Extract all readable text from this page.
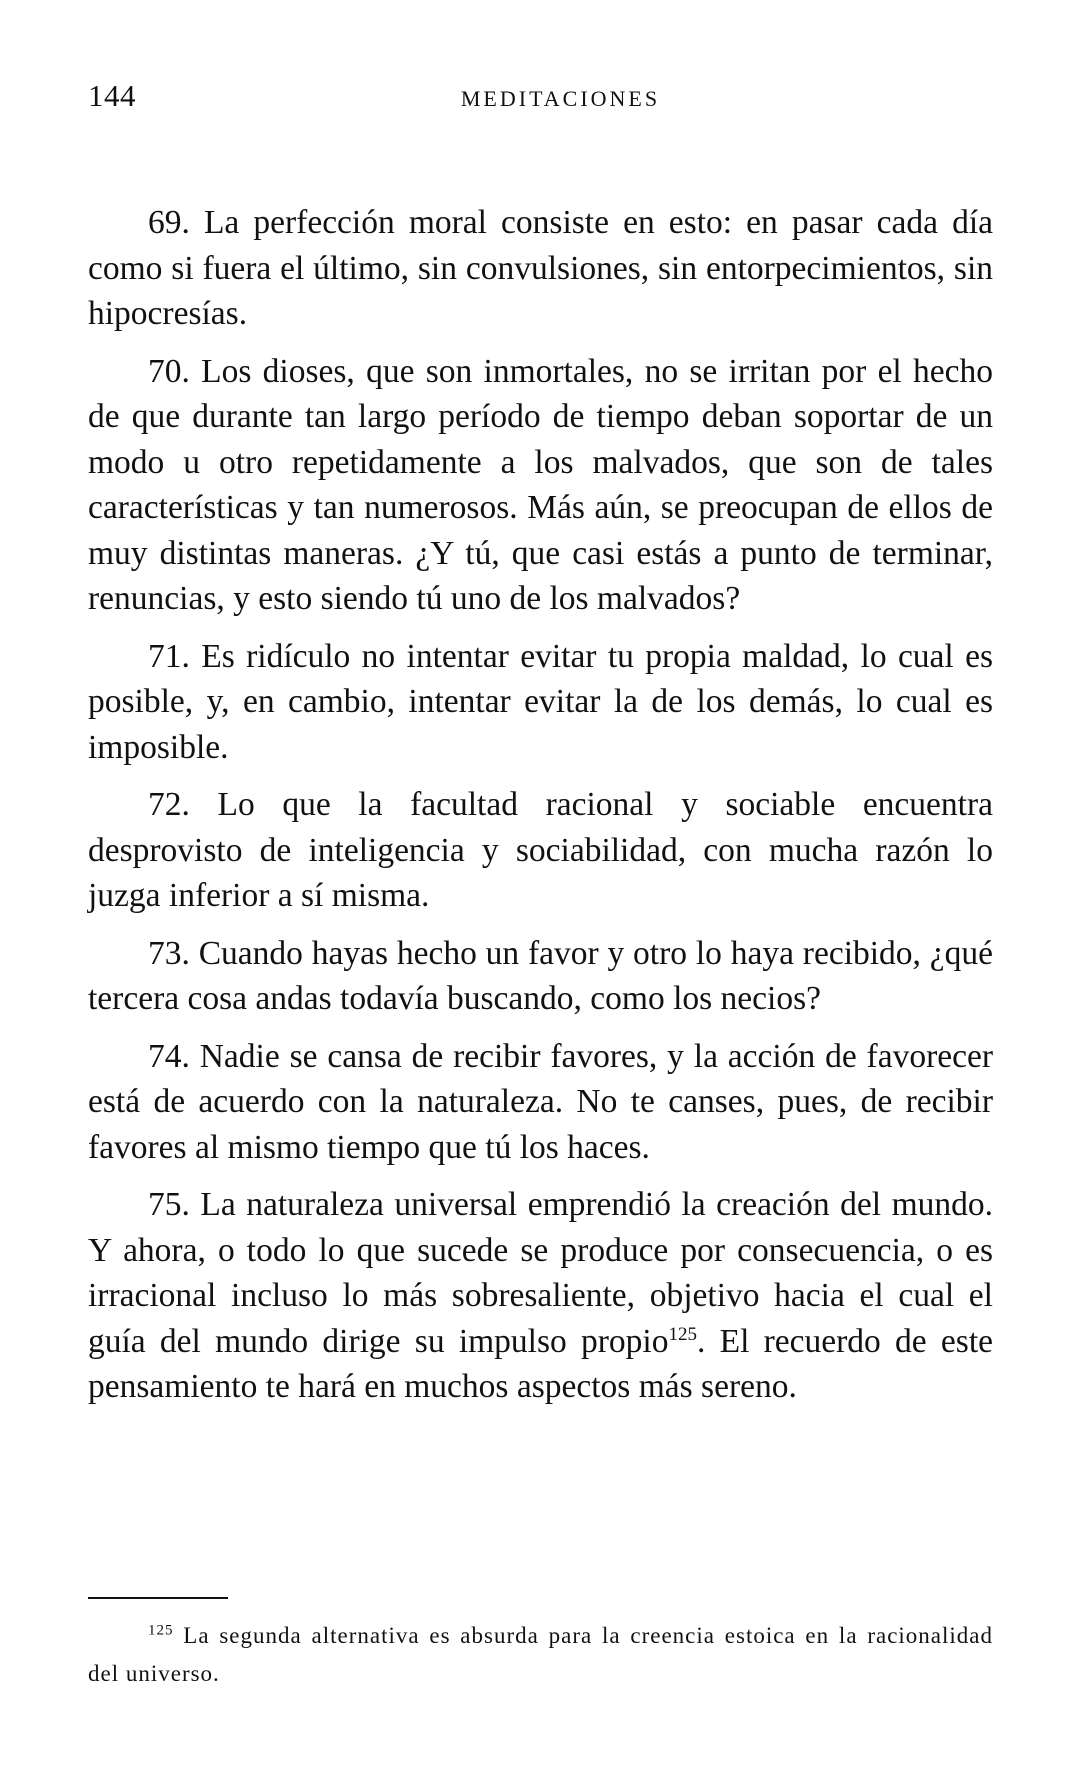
144	MEDITACIONES

69. La perfección moral consiste en esto: en pasar cada día como si fuera el último, sin convulsiones, sin entorpecimientos, sin hipocresías.

70. Los dioses, que son inmortales, no se irritan por el hecho de que durante tan largo período de tiempo deban soportar de un modo u otro repetidamente a los malvados, que son de tales características y tan numerosos. Más aún, se preocupan de ellos de muy distintas maneras. ¿Y tú, que casi estás a punto de terminar, renuncias, y esto siendo tú uno de los malvados?

71. Es ridículo no intentar evitar tu propia maldad, lo cual es posible, y, en cambio, intentar evitar la de los demás, lo cual es imposible.

72. Lo que la facultad racional y sociable encuentra desprovisto de inteligencia y sociabilidad, con mucha razón lo juzga inferior a sí misma.

73. Cuando hayas hecho un favor y otro lo haya recibido, ¿qué tercera cosa andas todavía buscando, como los necios?

74. Nadie se cansa de recibir favores, y la acción de favorecer está de acuerdo con la naturaleza. No te canses, pues, de recibir favores al mismo tiempo que tú los haces.

75. La naturaleza universal emprendió la creación del mundo. Y ahora, o todo lo que sucede se produce por consecuencia, o es irracional incluso lo más sobresaliente, objetivo hacia el cual el guía del mundo dirige su impulso propio$^{125}$. El recuerdo de este pensamiento te hará en muchos aspectos más sereno.

$^{125}$ La segunda alternativa es absurda para la creencia estoica en la racionalidad del universo.
